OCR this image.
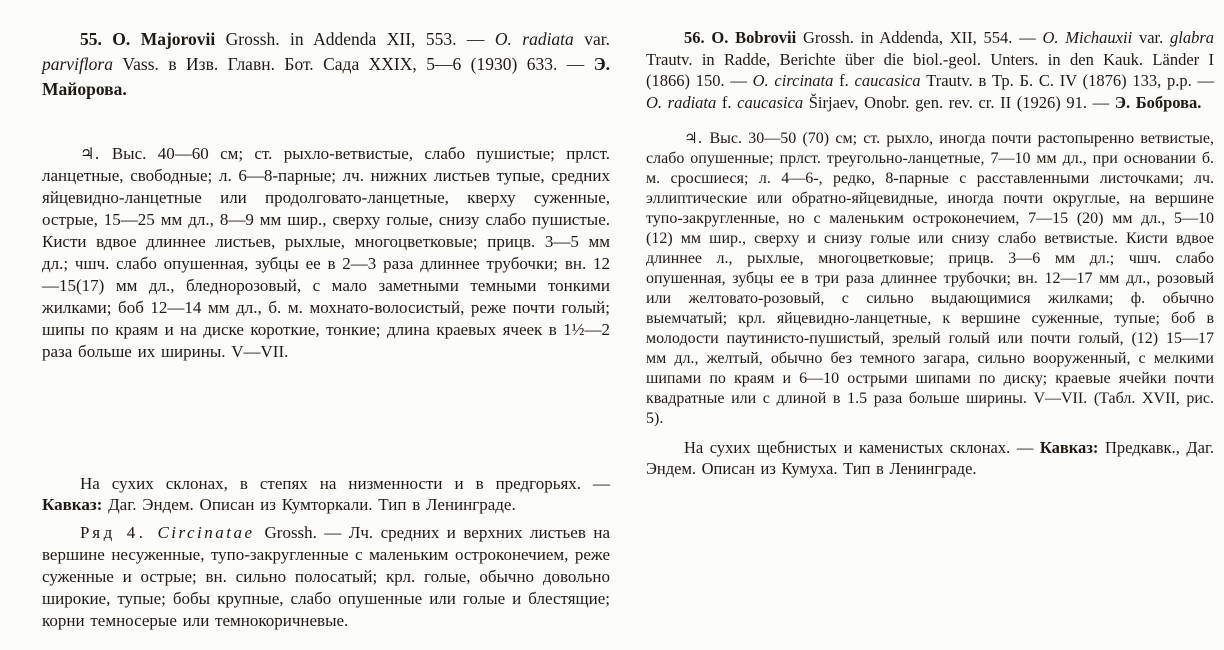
55. O. Majorovii Grossh. in Addenda XII, 553. — O. radiata var. parviflora Vass. в Изв. Главн. Бот. Сада XXIX, 5—6 (1930) 633. — Э. Майорова.

♃. Выс. 40—60 см; ст. рыхло-ветвистые, слабо пушистые; прлст. ланцетные, свободные; л. 6—8-парные; лч. нижних листьев тупые, средних яйцевидно-ланцетные или продолговато-ланцетные, кверху суженные, острые, 15—25 мм дл., 8—9 мм шир., сверху голые, снизу слабо пушистые. Кисти вдвое длиннее листьев, рыхлые, многоцветковые; прицв. 3—5 мм дл.; чшч. слабо опушенная, зубцы ее в 2—3 раза длиннее трубочки; вн. 12—15(17) мм дл., бледнорозовый, с мало заметными темными тонкими жилками; боб 12—14 мм дл., б. м. мохнато-волосистый, реже почти голый; шипы по краям и на диске короткие, тонкие; длина краевых ячеек в 1½—2 раза больше их ширины. V—VII.

На сухих склонах, в степях на низменности и в предгорьях. — Кавказ: Даг. Эндем. Описан из Кумторкали. Тип в Ленинграде.

Ряд 4. Circinatae Grossh. — Лч. средних и верхних листьев на вершине несуженные, тупо-закругленные с маленьким остроконечием, реже суженные и острые; вн. сильно полосатый; крл. голые, обычно довольно широкие, тупые; бобы крупные, слабо опушенные или голые и блестящие; корни темносерые или темнокоричневые.

56. O. Bobrovii Grossh. in Addenda, XII, 554. — O. Michauxii var. glabra Trautv. in Radde, Berichte über die biol.-geol. Unters. in den Kauk. Länder I (1866) 150. — O. circinata f. caucasica Trautv. в Тр. Б. С. IV (1876) 133, p.p. — O. radiata f. caucasica Širjaev, Onobr. gen. rev. cr. II (1926) 91. — Э. Боброва.

♃. Выс. 30—50 (70) см; ст. рыхло, иногда почти растопыренно ветвистые, слабо опушенные; прлст. треугольно-ланцетные, 7—10 мм дл., при основании б. м. сросшиеся; л. 4—6-, редко, 8-парные с расставленными листочками; лч. эллиптические или обратно-яйцевидные, иногда почти округлые, на вершине тупо-закругленные, но с маленьким остроконечием, 7—15 (20) мм дл., 5—10 (12) мм шир., сверху и снизу голые или снизу слабо ветвистые. Кисти вдвое длиннее л., рыхлые, многоцветковые; прицв. 3—6 мм дл.; чшч. слабо опушенная, зубцы ее в три раза длиннее трубочки; вн. 12—17 мм дл., розовый или желтовато-розовый, с сильно выдающимися жилками; ф. обычно выемчатый; крл. яйцевидно-ланцетные, к вершине суженные, тупые; боб в молодости паутинисто-пушистый, зрелый голый или почти голый, (12) 15—17 мм дл., желтый, обычно без темного загара, сильно вооруженный, с мелкими шипами по краям и 6—10 острыми шипами по диску; краевые ячейки почти квадратные или с длиной в 1.5 раза больше ширины. V—VII. (Табл. XVII, рис. 5).

На сухих щебнистых и каменистых склонах. — Кавказ: Предкавк., Даг. Эндем. Описан из Кумуха. Тип в Ленинграде.
